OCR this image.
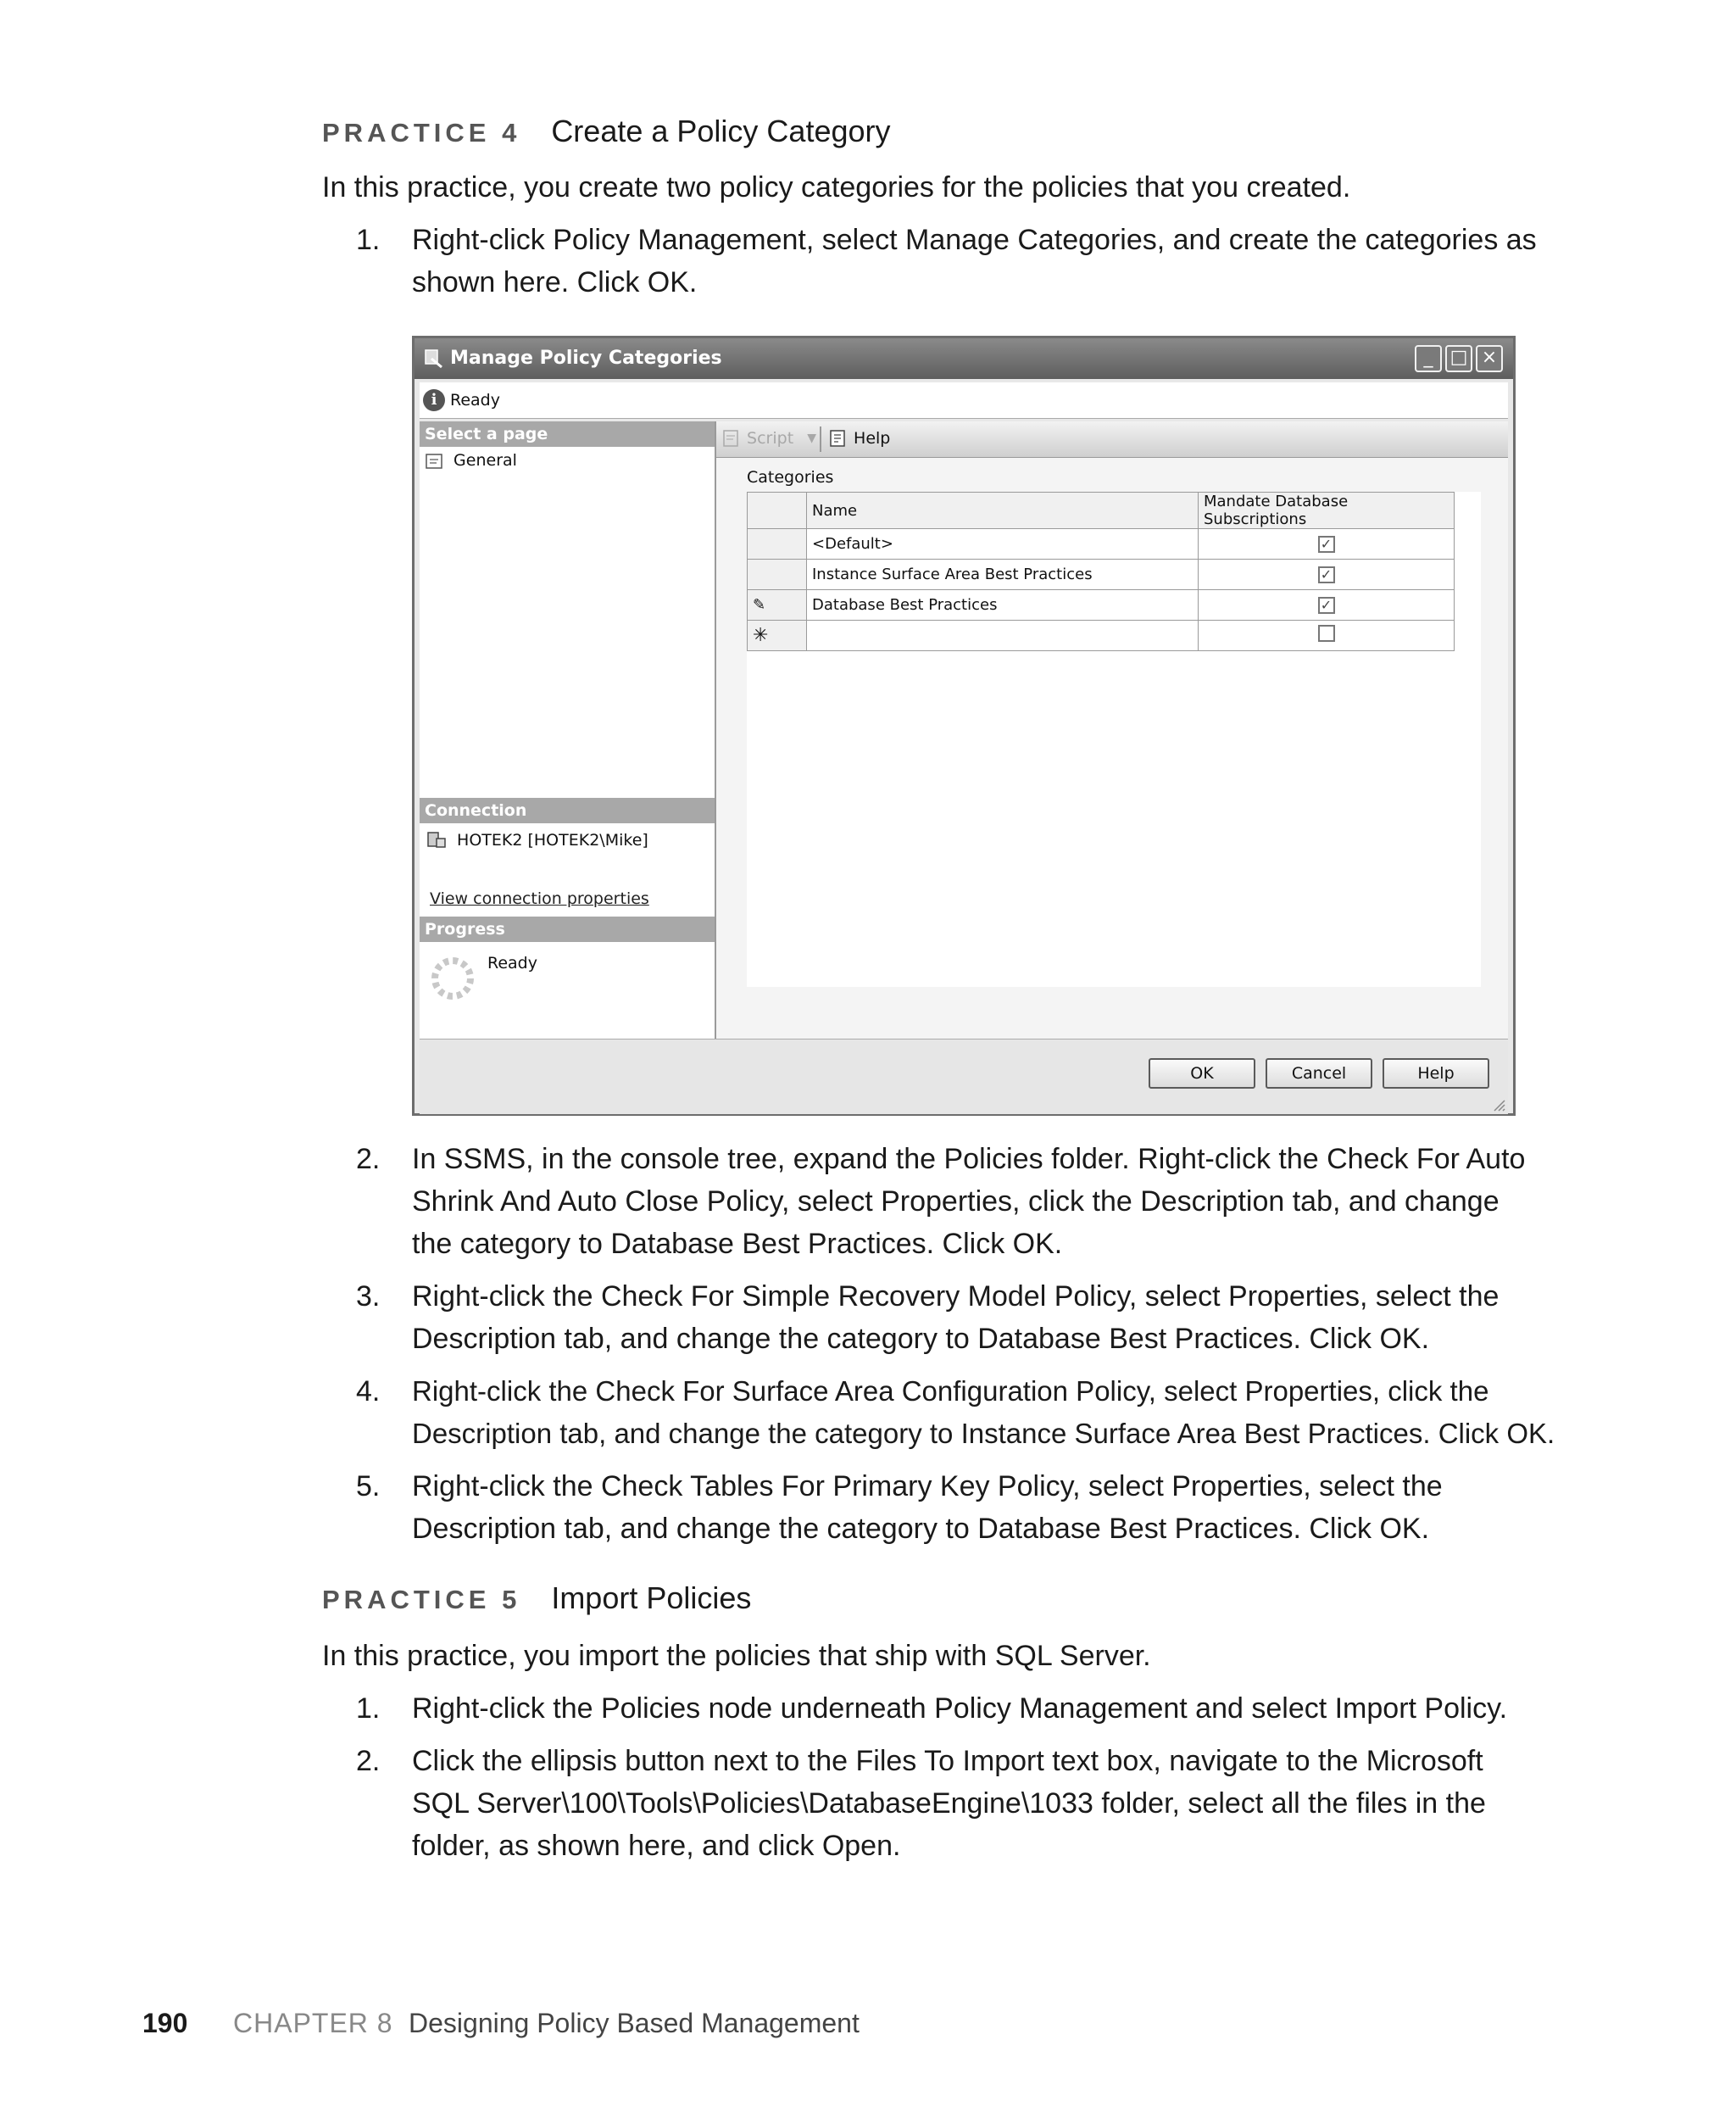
PRACTICE 4 Create a Policy Category
In this practice, you create two policy categories for the policies that you created.
1. Right-click Policy Management, select Manage Categories, and create the categories as
shown here. Click OK.
Manage Policy Categories	_ □ ×
i Ready
Select a page
General
Connection
HOTEK2 [HOTEK2\Mike]
View connection properties
Progress
Ready
Script ▼	Help
Categories
	Name	Mandate Database Subscriptions
	<Default>	✓
	Instance Surface Area Best Practices	✓
✎	Database Best Practices	✓
✳		
OK	Cancel	Help
2. In SSMS, in the console tree, expand the Policies folder. Right-click the Check For Auto
Shrink And Auto Close Policy, select Properties, click the Description tab, and change
the category to Database Best Practices. Click OK.
3. Right-click the Check For Simple Recovery Model Policy, select Properties, select the
Description tab, and change the category to Database Best Practices. Click OK.
4. Right-click the Check For Surface Area Configuration Policy, select Properties, click the
Description tab, and change the category to Instance Surface Area Best Practices. Click OK.
5. Right-click the Check Tables For Primary Key Policy, select Properties, select the
Description tab, and change the category to Database Best Practices. Click OK.
PRACTICE 5 Import Policies
In this practice, you import the policies that ship with SQL Server.
1. Right-click the Policies node underneath Policy Management and select Import Policy.
2. Click the ellipsis button next to the Files To Import text box, navigate to the Microsoft
SQL Server\100\Tools\Policies\DatabaseEngine\1033 folder, select all the files in the
folder, as shown here, and click Open.
190 CHAPTER 8 Designing Policy Based Management
